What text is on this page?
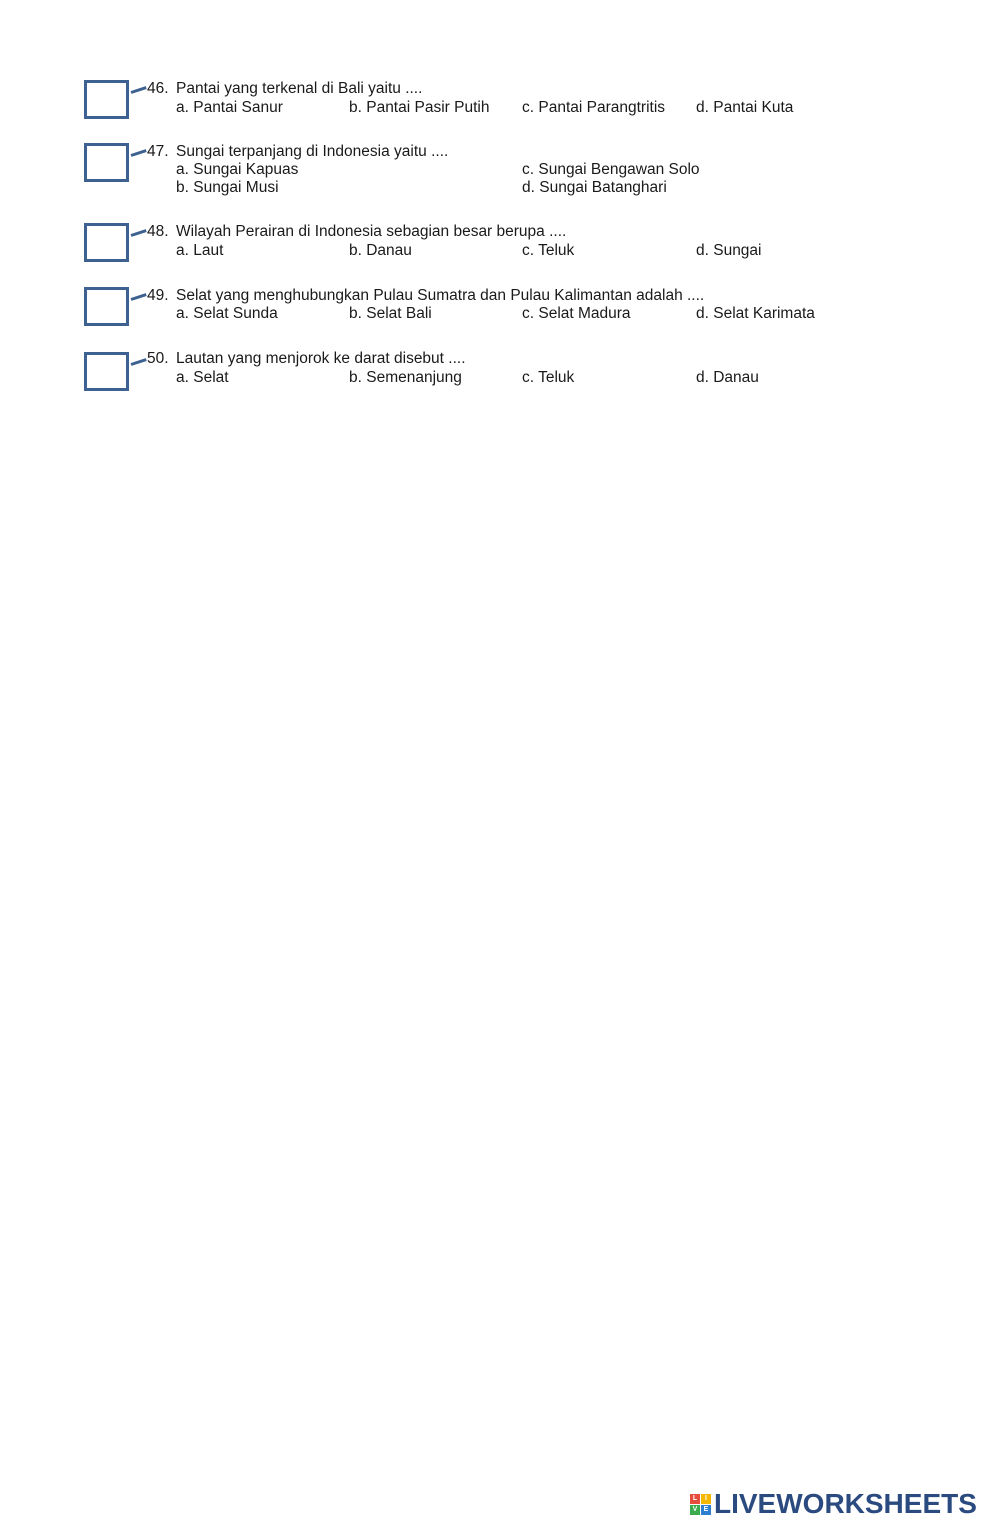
46. Pantai yang terkenal di Bali yaitu ....
a. Pantai Sanur	b. Pantai Pasir Putih c. Pantai Parangtritis d. Pantai Kuta
47. Sungai terpanjang di Indonesia yaitu ....
a. Sungai Kapuas	c. Sungai Bengawan Solo
b. Sungai Musi	d. Sungai Batanghari
48. Wilayah Perairan di Indonesia sebagian besar berupa ....
a. Laut	b. Danau	c. Teluk	d. Sungai
49. Selat yang menghubungkan Pulau Sumatra dan Pulau Kalimantan adalah ....
a. Selat Sunda	b. Selat Bali	c. Selat Madura	d. Selat Karimata
50. Lautan yang menjorok ke darat disebut ....
a. Selat	b. Semenanjung	c. Teluk	d. Danau
L	I
V E LIVEWORKSHEETS
